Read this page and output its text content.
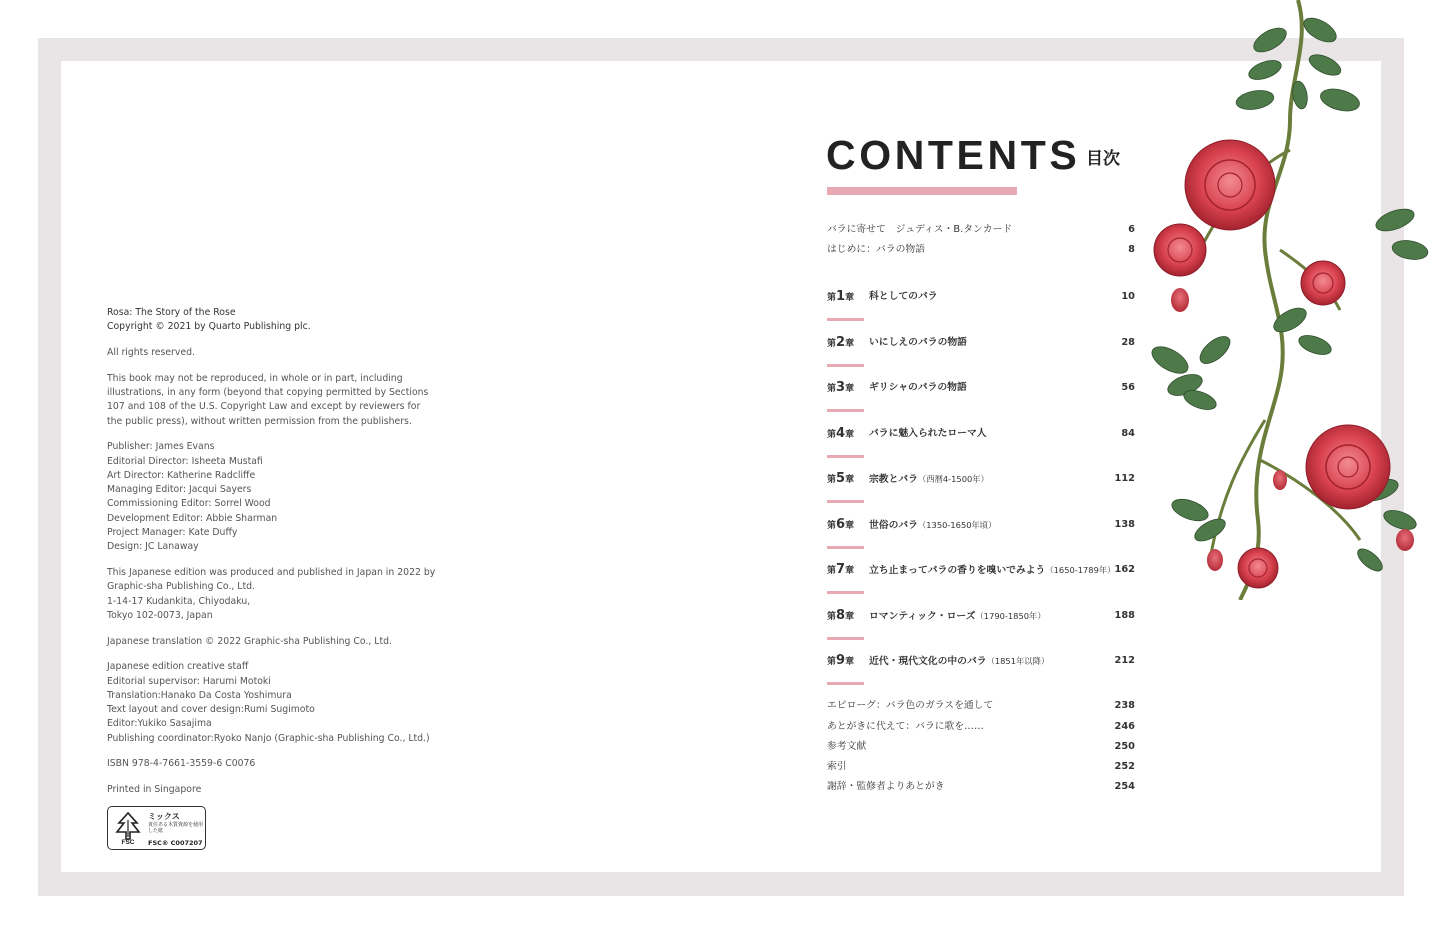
Rosa: The Story of the Rose
Copyright © 2021 by Quarto Publishing plc.

All rights reserved.

This book may not be reproduced, in whole or in part, including
illustrations, in any form (beyond that copying permitted by Sections
107 and 108 of the U.S. Copyright Law and except by reviewers for
the public press), without written permission from the publishers.

Publisher: James Evans
Editorial Director: Isheeta Mustafi
Art Director: Katherine Radcliffe
Managing Editor: Jacqui Sayers
Commissioning Editor: Sorrel Wood
Development Editor: Abbie Sharman
Project Manager: Kate Duffy
Design: JC Lanaway

This Japanese edition was produced and published in Japan in 2022 by
Graphic-sha Publishing Co., Ltd.
1-14-17 Kudankita, Chiyodaku,
Tokyo 102-0073, Japan

Japanese translation © 2022 Graphic-sha Publishing Co., Ltd.

Japanese edition creative staff
Editorial supervisor: Harumi Motoki
Translation:Hanako Da Costa Yoshimura
Text layout and cover design:Rumi Sugimoto
Editor:Yukiko Sasajima
Publishing coordinator:Ryoko Nanjo (Graphic-sha Publishing Co., Ltd.)

ISBN 978-4-7661-3559-6 C0076

Printed in Singapore

FSC
ミックス
責任ある木質資源を使用した紙
FSC® C007207
CONTENTS 目次
バラに寄せて　ジュディス・B.タンカード	6
はじめに：バラの物語	8
第1章 科としてのバラ	10
第2章 いにしえのバラの物語	28
第3章 ギリシャのバラの物語	56
第4章 バラに魅入られたローマ人	84
第5章 宗教とバラ（西暦4-1500年）	112
第6章 世俗のバラ（1350-1650年頃）	138
第7章 立ち止まってバラの香りを嗅いでみよう（1650-1789年） 162
第8章 ロマンティック・ローズ（1790-1850年）	188
第9章 近代・現代文化の中のバラ（1851年以降）	212
エピローグ：バラ色のガラスを通して	238
あとがきに代えて：バラに歌を……	246
参考文献	250
索引	252
謝辞・監修者よりあとがき	254
